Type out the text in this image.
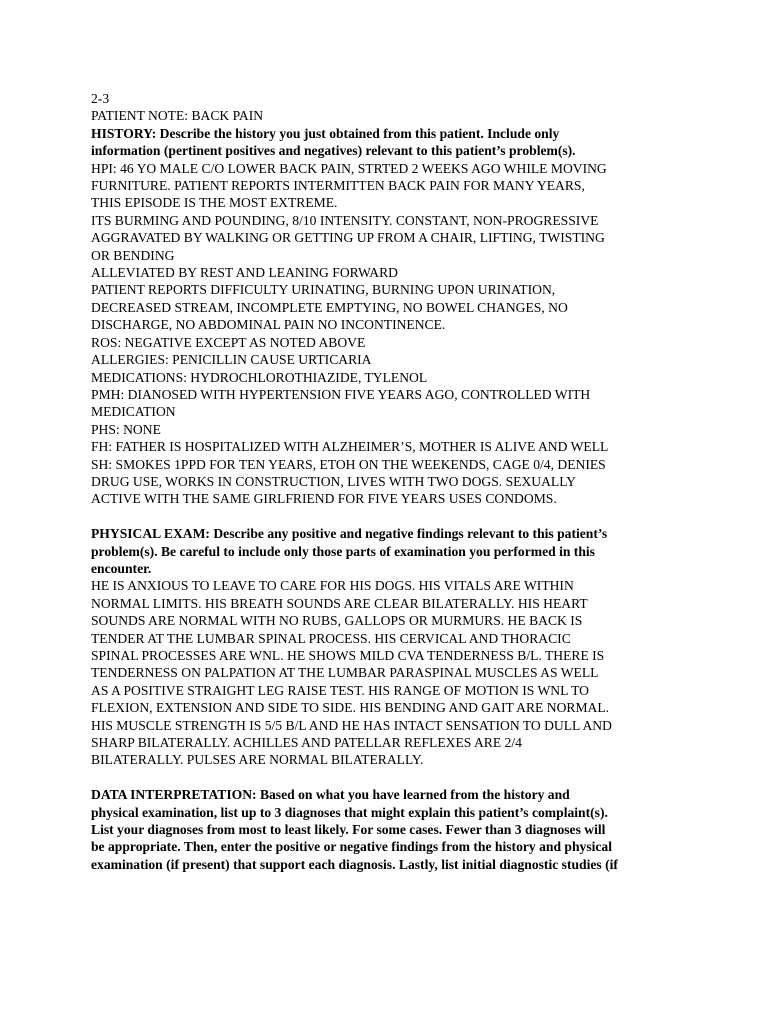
2-3
PATIENT NOTE: BACK PAIN
HISTORY: Describe the history you just obtained from this patient. Include only
information (pertinent positives and negatives) relevant to this patient’s problem(s).
HPI: 46 YO MALE C/O LOWER BACK PAIN, STRTED 2 WEEKS AGO WHILE MOVING
FURNITURE. PATIENT REPORTS INTERMITTEN BACK PAIN FOR MANY YEARS,
THIS EPISODE IS THE MOST EXTREME.
ITS BURMING AND POUNDING, 8/10 INTENSITY. CONSTANT, NON-PROGRESSIVE
AGGRAVATED BY WALKING OR GETTING UP FROM A CHAIR, LIFTING, TWISTING
OR BENDING
ALLEVIATED BY REST AND LEANING FORWARD
PATIENT REPORTS DIFFICULTY URINATING, BURNING UPON URINATION,
DECREASED STREAM, INCOMPLETE EMPTYING, NO BOWEL CHANGES, NO
DISCHARGE, NO ABDOMINAL PAIN NO INCONTINENCE.
ROS: NEGATIVE EXCEPT AS NOTED ABOVE
ALLERGIES: PENICILLIN CAUSE URTICARIA
MEDICATIONS: HYDROCHLOROTHIAZIDE, TYLENOL
PMH: DIANOSED WITH HYPERTENSION FIVE YEARS AGO, CONTROLLED WITH
MEDICATION
PHS: NONE
FH: FATHER IS HOSPITALIZED WITH ALZHEIMER’S, MOTHER IS ALIVE AND WELL
SH: SMOKES 1PPD FOR TEN YEARS, ETOH ON THE WEEKENDS, CAGE 0/4, DENIES
DRUG USE, WORKS IN CONSTRUCTION, LIVES WITH TWO DOGS. SEXUALLY
ACTIVE WITH THE SAME GIRLFRIEND FOR FIVE YEARS USES CONDOMS.
PHYSICAL EXAM: Describe any positive and negative findings relevant to this patient’s
problem(s). Be careful to include only those parts of examination you performed in this
encounter.
HE IS ANXIOUS TO LEAVE TO CARE FOR HIS DOGS. HIS VITALS ARE WITHIN
NORMAL LIMITS. HIS BREATH SOUNDS ARE CLEAR BILATERALLY. HIS HEART
SOUNDS ARE NORMAL WITH NO RUBS, GALLOPS OR MURMURS. HE BACK IS
TENDER AT THE LUMBAR SPINAL PROCESS. HIS CERVICAL AND THORACIC
SPINAL PROCESSES ARE WNL. HE SHOWS MILD CVA TENDERNESS B/L. THERE IS
TENDERNESS ON PALPATION AT THE LUMBAR PARASPINAL MUSCLES AS WELL
AS A POSITIVE STRAIGHT LEG RAISE TEST. HIS RANGE OF MOTION IS WNL TO
FLEXION, EXTENSION AND SIDE TO SIDE. HIS BENDING AND GAIT ARE NORMAL.
HIS MUSCLE STRENGTH IS 5/5 B/L AND HE HAS INTACT SENSATION TO DULL AND
SHARP BILATERALLY. ACHILLES AND PATELLAR REFLEXES ARE 2/4
BILATERALLY. PULSES ARE NORMAL BILATERALLY.
DATA INTERPRETATION: Based on what you have learned from the history and
physical examination, list up to 3 diagnoses that might explain this patient’s complaint(s).
List your diagnoses from most to least likely. For some cases. Fewer than 3 diagnoses will
be appropriate. Then, enter the positive or negative findings from the history and physical
examination (if present) that support each diagnosis. Lastly, list initial diagnostic studies (if
